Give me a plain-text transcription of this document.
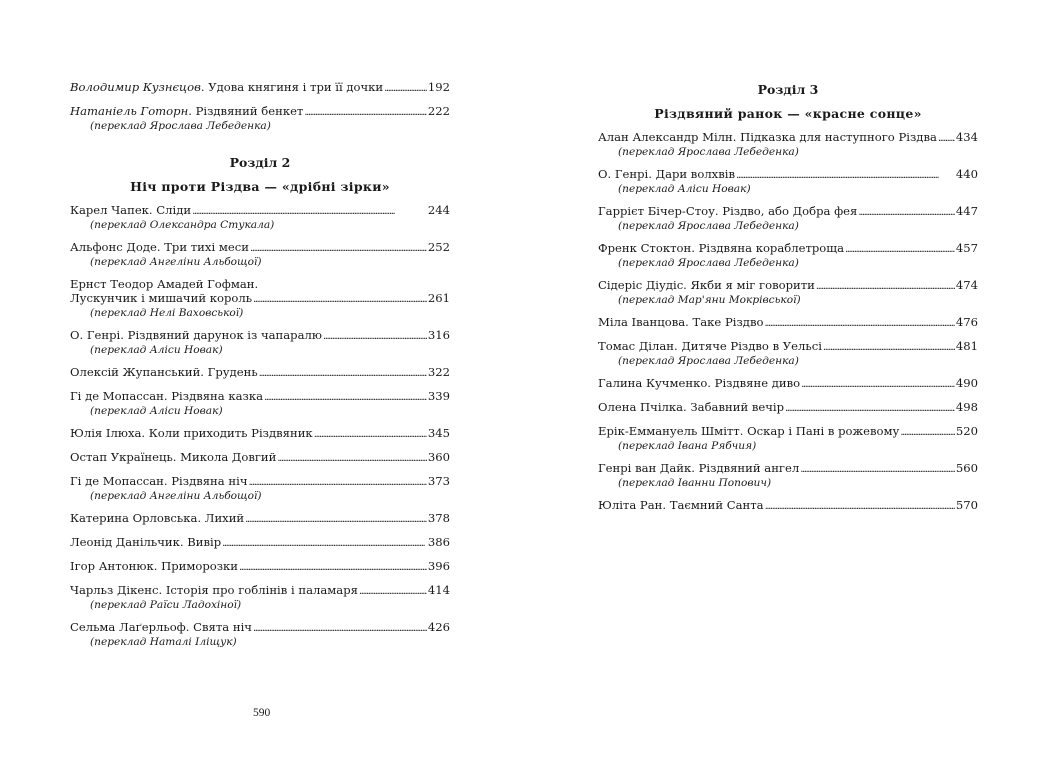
Володимир Кузнєцов. Удова княгиня і три її дочки . . .	192
Натаніель Готорн. Різдвяний бенкет . . .	222
(переклад Ярослава Лебеденка)
Розділ 2
Ніч проти Різдва — «дрібні зірки»
Карел Чапек. Сліди . . .	244
(переклад Олександра Стукала)
Альфонс Доде. Три тихі меси . . .	252
(переклад Ангеліни Альбощої)
Ернст Теодор Амадей Гофман.
Лускунчик і мишачий король . . .	261
(переклад Нелі Ваховської)
О. Генрі. Різдвяний дарунок із чапаралю . . .	316
(переклад Аліси Новак)
Олексій Жупанський. Грудень . . .	322
Гі де Мопассан. Різдвяна казка . . .	339
(переклад Аліси Новак)
Юлія Ілюха. Коли приходить Різдвяник . . .	345
Остап Українець. Микола Довгий . . .	360
Гі де Мопассан. Різдвяна ніч . . .	373
(переклад Ангеліни Альбощої)
Катерина Орловська. Лихий . . .	378
Леонід Данільчик. Вивір . . .	386
Ігор Антонюк. Приморозки . . .	396
Чарльз Дікенс. Історія про гоблінів і паламаря . . .	414
(переклад Раїси Ладохіної)
Сельма Лаґерльоф. Свята ніч . . .	426
(переклад Наталі Іліщук)
590
Розділ 3
Різдвяний ранок — «красне сонце»
Алан Александр Мілн. Підказка для наступного Різдва . . . 434
(переклад Ярослава Лебеденка)
О. Генрі. Дари волхвів . . .	440
(переклад Аліси Новак)
Гаррієт Бічер-Стоу. Різдво, або Добра фея . . .	447
(переклад Ярослава Лебеденка)
Френк Стоктон. Різдвяна кораблетроща . . .	457
(переклад Ярослава Лебеденка)
Сідеріс Діудіс. Якби я міг говорити . . .	474
(переклад Мар'яни Мокрівської)
Міла Іванцова. Таке Різдво . . .	476
Томас Ділан. Дитяче Різдво в Уельсі . . .	481
(переклад Ярослава Лебеденка)
Галина Кучменко. Різдвяне диво . . .	490
Олена Пчілка. Забавний вечір . . .	498
Ерік-Еммануель Шмітт. Оскар і Пані в рожевому . . .	520
(переклад Івана Рябчия)
Генрі ван Дайк. Різдвяний ангел . . .	560
(переклад Іванни Попович)
Юліта Ран. Таємний Санта . . .	570
